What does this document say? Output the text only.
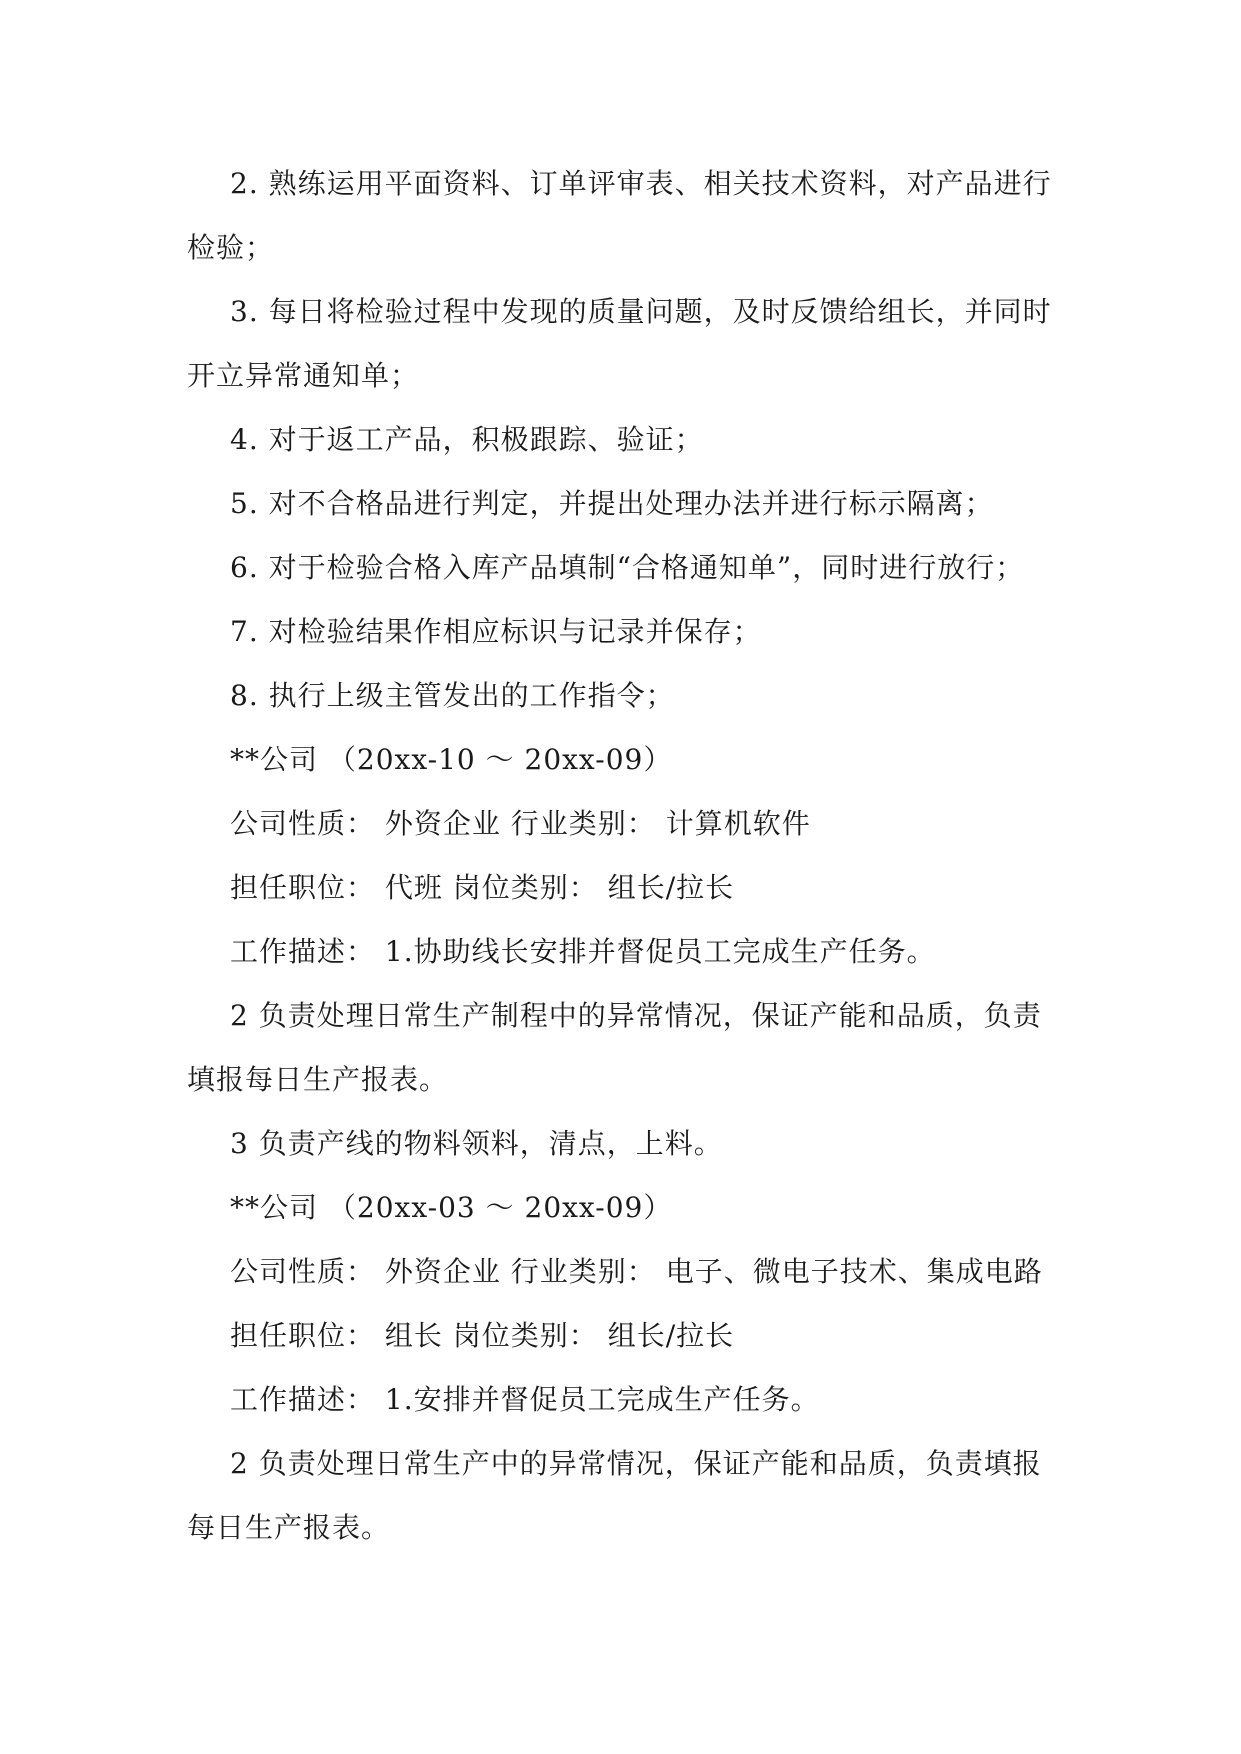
2. 熟练运用平面资料、订单评审表、相关技术资料，对产品进行检验；

3. 每日将检验过程中发现的质量问题，及时反馈给组长，并同时开立异常通知单；

4. 对于返工产品，积极跟踪、验证；

5. 对不合格品进行判定，并提出处理办法并进行标示隔离；

6. 对于检验合格入库产品填制“合格通知单”，同时进行放行；

7. 对检验结果作相应标识与记录并保存；

8. 执行上级主管发出的工作指令；

**公司 （20xx-10 ～ 20xx-09）

公司性质： 外资企业 行业类别： 计算机软件

担任职位： 代班 岗位类别： 组长/拉长

工作描述： 1.协助线长安排并督促员工完成生产任务。

2 负责处理日常生产制程中的异常情况，保证产能和品质，负责填报每日生产报表。

3 负责产线的物料领料，清点，上料。

**公司 （20xx-03 ～ 20xx-09）

公司性质： 外资企业 行业类别： 电子、微电子技术、集成电路

担任职位： 组长 岗位类别： 组长/拉长

工作描述： 1.安排并督促员工完成生产任务。

2 负责处理日常生产中的异常情况，保证产能和品质，负责填报每日生产报表。
